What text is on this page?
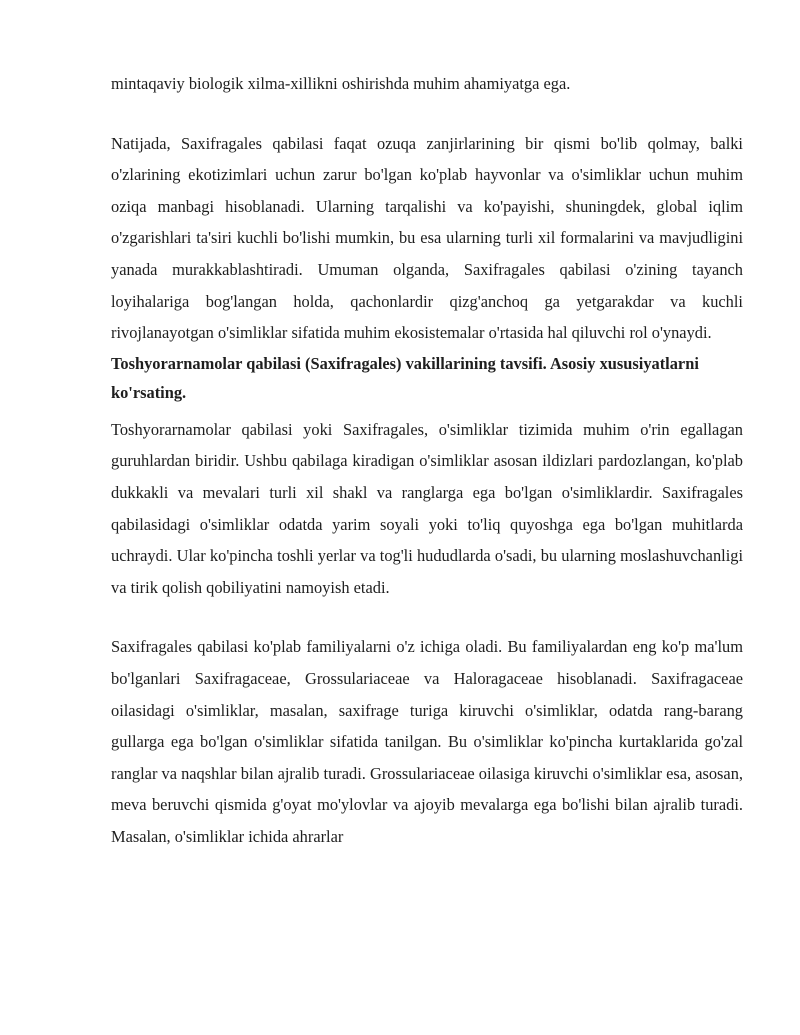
mintaqaviy biologik xilma-xillikni oshirishda muhim ahamiyatga ega.

Natijada, Saxifragales qabilasi faqat ozuqa zanjirlarining bir qismi bo'lib qolmay, balki o'zlarining ekotizimlari uchun zarur bo'lgan ko'plab hayvonlar va o'simliklar uchun muhim oziqa manbagi hisoblanadi. Ularning tarqalishi va ko'payishi, shuningdek, global iqlim o'zgarishlari ta'siri kuchli bo'lishi mumkin, bu esa ularning turli xil formalarini va mavjudligini yanada murakkablashtiradi. Umuman olganda, Saxifragales qabilasi o'zining tayanch loyihalariga bog'langan holda, qachonlardir qizg'anchoq ga yetgarakdar va kuchli rivojlanayotgan o'simliklar sifatida muhim ekosistemalar o'rtasida hal qiluvchi rol o'ynaydi.

Toshyorarnamolar qabilasi (Saxifragales) vakillarining tavsifi. Asosiy xususiyatlarni ko'rsating.

Toshyorarnamolar qabilasi yoki Saxifragales, o'simliklar tizimida muhim o'rin egallagan guruhlardan biridir. Ushbu qabilaga kiradigan o'simliklar asosan ildizlari pardozlangan, ko'plab dukkakli va mevalari turli xil shakl va ranglarga ega bo'lgan o'simliklardir. Saxifragales qabilasidagi o'simliklar odatda yarim soyali yoki to'liq quyoshga ega bo'lgan muhitlarda uchraydi. Ular ko'pincha toshli yerlar va tog'li hududlarda o'sadi, bu ularning moslashuvchanligi va tirik qolish qobiliyatini namoyish etadi.

Saxifragales qabilasi ko'plab familiyalarni o'z ichiga oladi. Bu familiyalardan eng ko'p ma'lum bo'lganlari Saxifragaceae, Grossulariaceae va Haloragaceae hisoblanadi. Saxifragaceae oilasidagi o'simliklar, masalan, saxifrage turiga kiruvchi o'simliklar, odatda rang-barang gullarga ega bo'lgan o'simliklar sifatida tanilgan. Bu o'simliklar ko'pincha kurtaklarida go'zal ranglar va naqshlar bilan ajralib turadi. Grossulariaceae oilasiga kiruvchi o'simliklar esa, asosan, meva beruvchi qismida g'oyat mo'ylovlar va ajoyib mevalarga ega bo'lishi bilan ajralib turadi. Masalan, o'simliklar ichida ahrarlar
